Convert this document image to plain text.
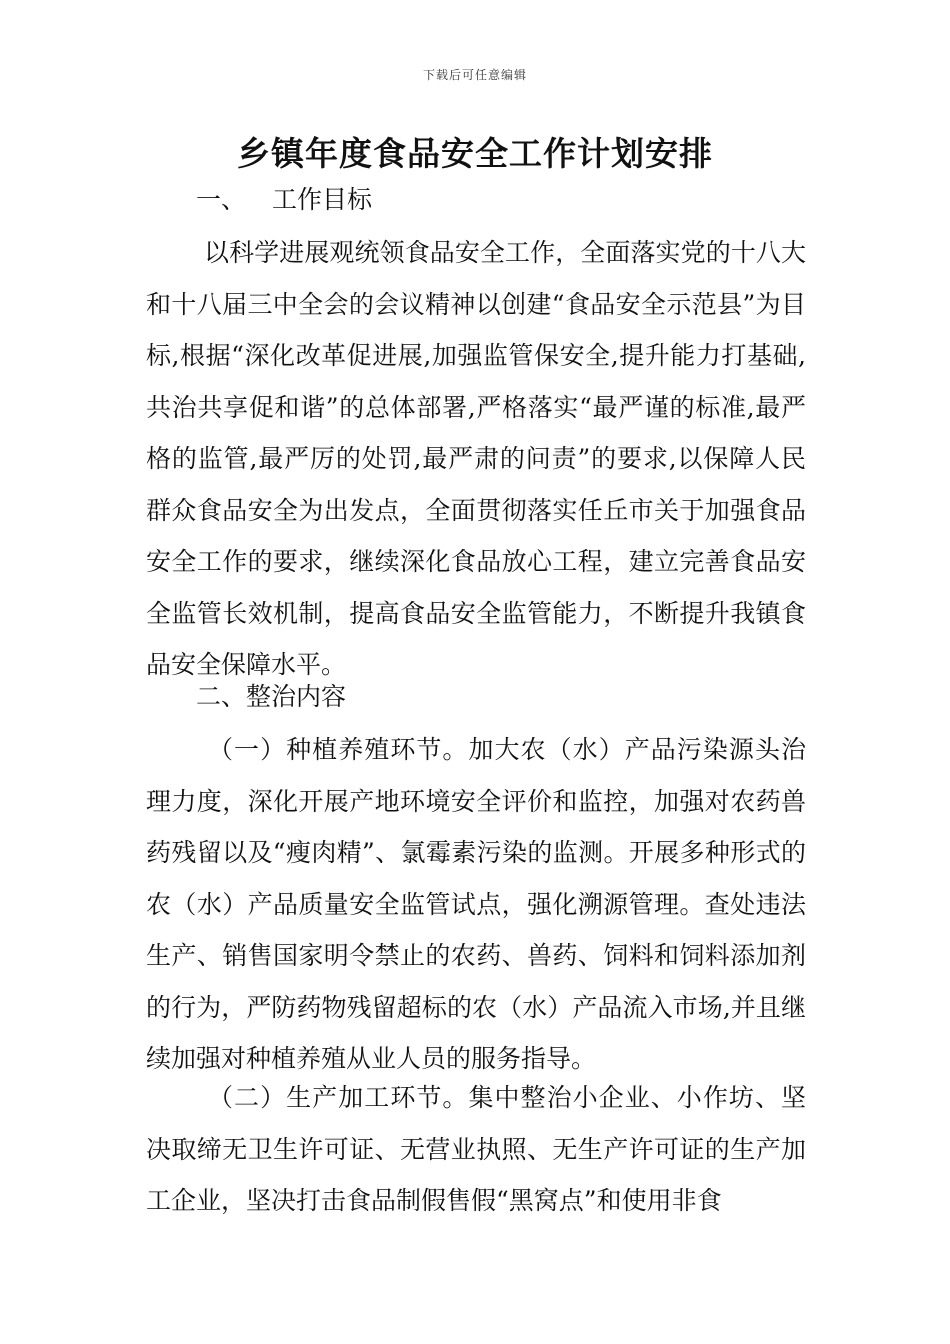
下载后可任意编辑
乡镇年度食品安全工作计划安排
一、 工作目标

以科学进展观统领食品安全工作，全面落实党的十八大和十八届三中全会的会议精神以创建“食品安全示范县”为目标,根据“深化改革促进展,加强监管保安全,提升能力打基础,共治共享促和谐”的总体部署,严格落实“最严谨的标准,最严格的监管,最严厉的处罚,最严肃的问责”的要求,以保障人民群众食品安全为出发点，全面贯彻落实任丘市关于加强食品安全工作的要求，继续深化食品放心工程，建立完善食品安全监管长效机制，提高食品安全监管能力，不断提升我镇食品安全保障水平。

二、整治内容

（一）种植养殖环节。加大农（水）产品污染源头治理力度，深化开展产地环境安全评价和监控，加强对农药兽药残留以及“瘦肉精”、氯霉素污染的监测。开展多种形式的农（水）产品质量安全监管试点，强化溯源管理。查处违法生产、销售国家明令禁止的农药、兽药、饲料和饲料添加剂的行为，严防药物残留超标的农（水）产品流入市场,并且继续加强对种植养殖从业人员的服务指导。

（二）生产加工环节。集中整治小企业、小作坊、坚决取缔无卫生许可证、无营业执照、无生产许可证的生产加工企业，坚决打击食品制假售假“黑窝点”和使用非食
